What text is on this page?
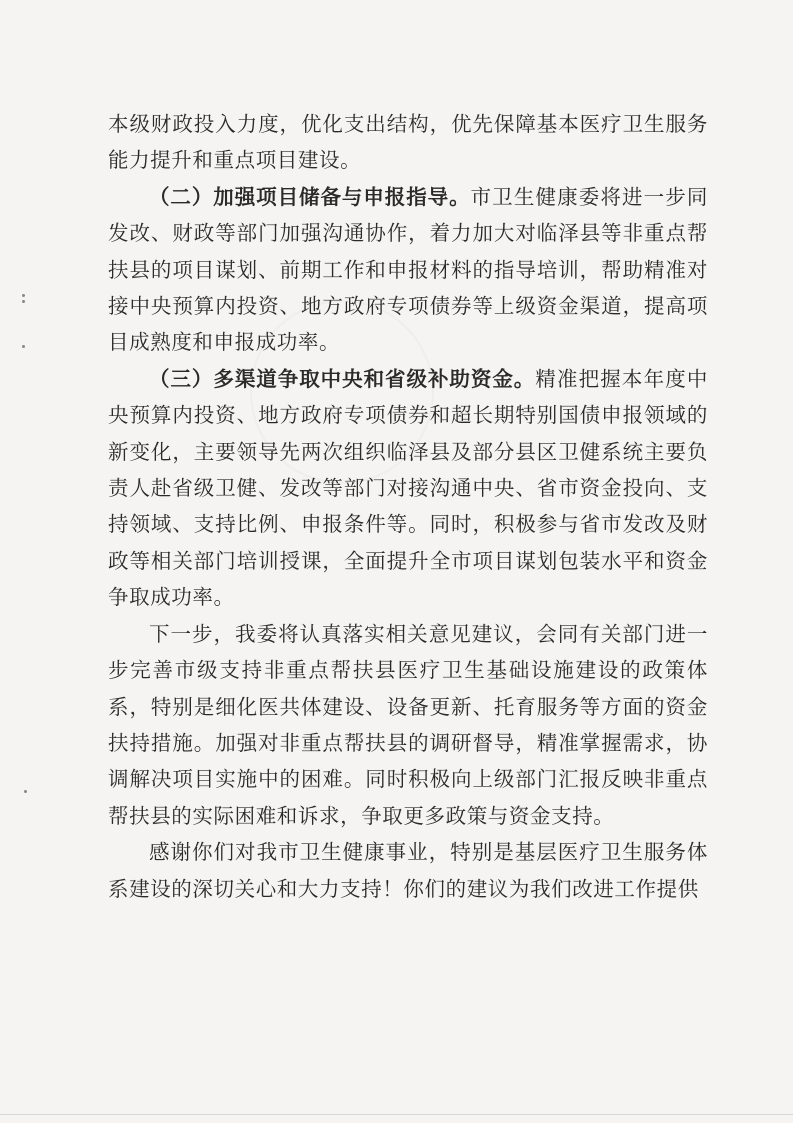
本级财政投入力度，优化支出结构，优先保障基本医疗卫生服务能力提升和重点项目建设。

（二）加强项目储备与申报指导。市卫生健康委将进一步同发改、财政等部门加强沟通协作，着力加大对临泽县等非重点帮扶县的项目谋划、前期工作和申报材料的指导培训，帮助精准对接中央预算内投资、地方政府专项债券等上级资金渠道，提高项目成熟度和申报成功率。

（三）多渠道争取中央和省级补助资金。精准把握本年度中央预算内投资、地方政府专项债券和超长期特别国债申报领域的新变化，主要领导先两次组织临泽县及部分县区卫健系统主要负责人赴省级卫健、发改等部门对接沟通中央、省市资金投向、支持领域、支持比例、申报条件等。同时，积极参与省市发改及财政等相关部门培训授课，全面提升全市项目谋划包装水平和资金争取成功率。

下一步，我委将认真落实相关意见建议，会同有关部门进一步完善市级支持非重点帮扶县医疗卫生基础设施建设的政策体系，特别是细化医共体建设、设备更新、托育服务等方面的资金扶持措施。加强对非重点帮扶县的调研督导，精准掌握需求，协调解决项目实施中的困难。同时积极向上级部门汇报反映非重点帮扶县的实际困难和诉求，争取更多政策与资金支持。

感谢你们对我市卫生健康事业，特别是基层医疗卫生服务体系建设的深切关心和大力支持！你们的建议为我们改进工作提供
